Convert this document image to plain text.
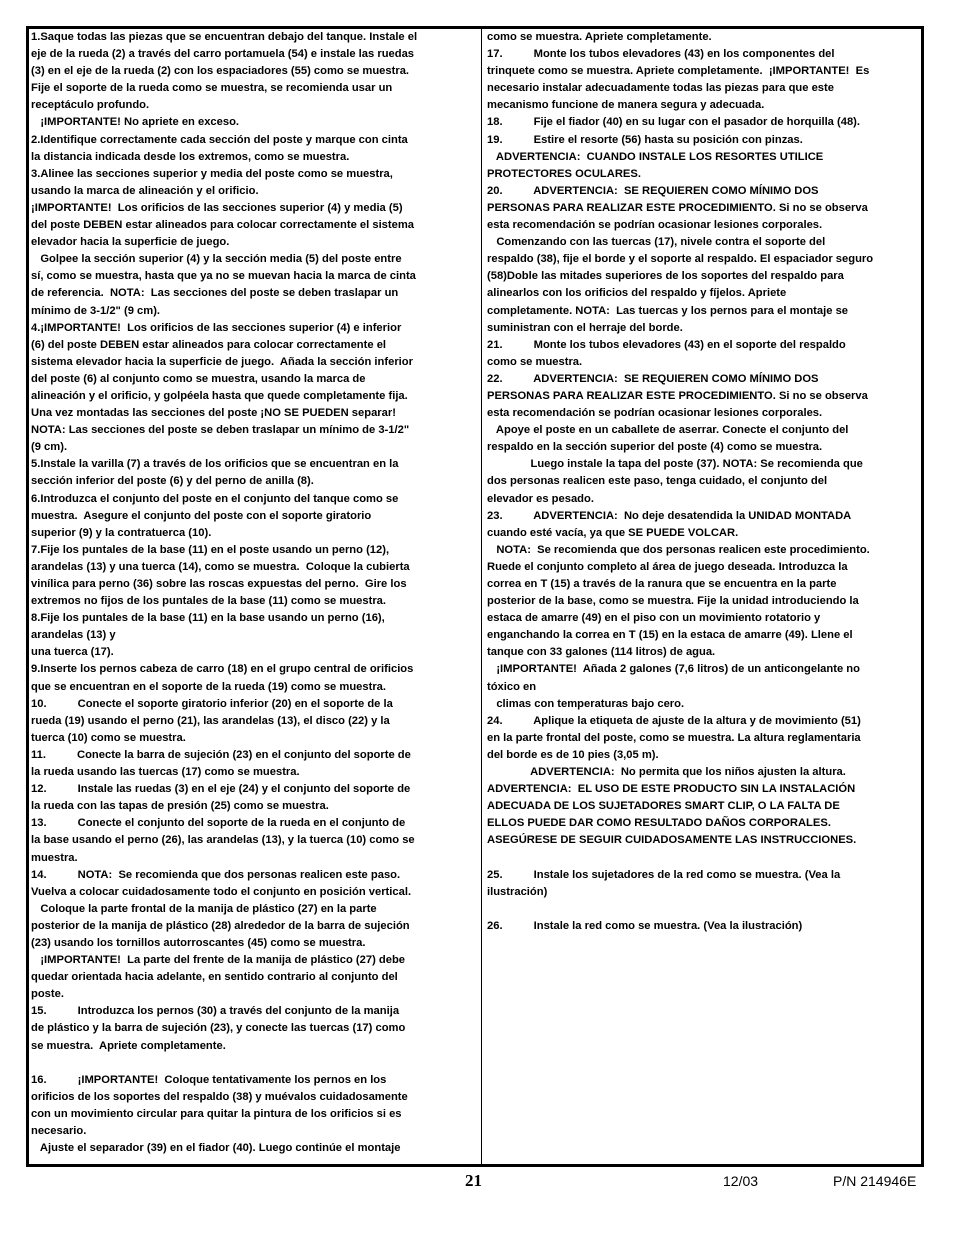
1.Saque todas las piezas que se encuentran debajo del tanque. Instale el
eje de la rueda (2) a través del carro portamuela (54) e instale las ruedas
(3) en el eje de la rueda (2) con los espaciadores (55) como se muestra.
Fije el soporte de la rueda como se muestra, se recomienda usar un
receptáculo profundo.
¡IMPORTANTE! No apriete en exceso.
2.Identifique correctamente cada sección del poste y marque con cinta
la distancia indicada desde los extremos, como se muestra.
3.Alinee las secciones superior y media del poste como se muestra,
usando la marca de alineación y el orificio.
¡IMPORTANTE!  Los orificios de las secciones superior (4) y media (5)
del poste DEBEN estar alineados para colocar correctamente el sistema
elevador hacia la superficie de juego.
Golpee la sección superior (4) y la sección media (5) del poste entre
sí, como se muestra, hasta que ya no se muevan hacia la marca de cinta
de referencia.  NOTA:  Las secciones del poste se deben traslapar un
mínimo de 3-1/2" (9 cm).
4.¡IMPORTANTE!  Los orificios de las secciones superior (4) e inferior
(6) del poste DEBEN estar alineados para colocar correctamente el
sistema elevador hacia la superficie de juego.  Añada la sección inferior
del poste (6) al conjunto como se muestra, usando la marca de
alineación y el orificio, y golpéela hasta que quede completamente fija.
Una vez montadas las secciones del poste ¡NO SE PUEDEN separar!
NOTA: Las secciones del poste se deben traslapar un mínimo de 3-1/2"
(9 cm).
5.Instale la varilla (7) a través de los orificios que se encuentran en la
sección inferior del poste (6) y del perno de anilla (8).
6.Introduzca el conjunto del poste en el conjunto del tanque como se
muestra.  Asegure el conjunto del poste con el soporte giratorio
superior (9) y la contratuerca (10).
7.Fije los puntales de la base (11) en el poste usando un perno (12),
arandelas (13) y una tuerca (14), como se muestra.  Coloque la cubierta
vinílica para perno (36) sobre las roscas expuestas del perno.  Gire los
extremos no fijos de los puntales de la base (11) como se muestra.
8.Fije los puntales de la base (11) en la base usando un perno (16),
arandelas (13) y
una tuerca (17).
9.Inserte los pernos cabeza de carro (18) en el grupo central de orificios
que se encuentran en el soporte de la rueda (19) como se muestra.
10.          Conecte el soporte giratorio inferior (20) en el soporte de la
rueda (19) usando el perno (21), las arandelas (13), el disco (22) y la
tuerca (10) como se muestra.
11.          Conecte la barra de sujeción (23) en el conjunto del soporte de
la rueda usando las tuercas (17) como se muestra.
12.          Instale las ruedas (3) en el eje (24) y el conjunto del soporte de
la rueda con las tapas de presión (25) como se muestra.
13.          Conecte el conjunto del soporte de la rueda en el conjunto de
la base usando el perno (26), las arandelas (13), y la tuerca (10) como se
muestra.
14.          NOTA:  Se recomienda que dos personas realicen este paso.
Vuelva a colocar cuidadosamente todo el conjunto en posición vertical.
Coloque la parte frontal de la manija de plástico (27) en la parte
posterior de la manija de plástico (28) alrededor de la barra de sujeción
(23) usando los tornillos autorroscantes (45) como se muestra.
¡IMPORTANTE!  La parte del frente de la manija de plástico (27) debe
quedar orientada hacia adelante, en sentido contrario al conjunto del
poste.
15.          Introduzca los pernos (30) a través del conjunto de la manija
de plástico y la barra de sujeción (23), y conecte las tuercas (17) como
se muestra.  Apriete completamente.
16.          ¡IMPORTANTE!  Coloque tentativamente los pernos en los
orificios de los soportes del respaldo (38) y muévalos cuidadosamente
con un movimiento circular para quitar la pintura de los orificios si es
necesario.
Ajuste el separador (39) en el fiador (40). Luego continúe el montaje
como se muestra. Apriete completamente.
17.          Monte los tubos elevadores (43) en los componentes del
trinquete como se muestra. Apriete completamente.  ¡IMPORTANTE!  Es
necesario instalar adecuadamente todas las piezas para que este
mecanismo funcione de manera segura y adecuada.
18.          Fije el fiador (40) en su lugar con el pasador de horquilla (48).
19.          Estire el resorte (56) hasta su posición con pinzas.
ADVERTENCIA:  CUANDO INSTALE LOS RESORTES UTILICE
PROTECTORES OCULARES.
20.          ADVERTENCIA:  SE REQUIEREN COMO MÍNIMO DOS
PERSONAS PARA REALIZAR ESTE PROCEDIMIENTO. Si no se observa
esta recomendación se podrían ocasionar lesiones corporales.
Comenzando con las tuercas (17), nivele contra el soporte del
respaldo (38), fije el borde y el soporte al respaldo. El espaciador seguro
(58)Doble las mitades superiores de los soportes del respaldo para
alinearlos con los orificios del respaldo y fíjelos. Apriete
completamente. NOTA:  Las tuercas y los pernos para el montaje se
suministran con el herraje del borde.
21.          Monte los tubos elevadores (43) en el soporte del respaldo
como se muestra.
22.          ADVERTENCIA:  SE REQUIEREN COMO MÍNIMO DOS
PERSONAS PARA REALIZAR ESTE PROCEDIMIENTO. Si no se observa
esta recomendación se podrían ocasionar lesiones corporales.
Apoye el poste en un caballete de aserrar. Conecte el conjunto del
respaldo en la sección superior del poste (4) como se muestra.
Luego instale la tapa del poste (37). NOTA: Se recomienda que
dos personas realicen este paso, tenga cuidado, el conjunto del
elevador es pesado.
23.          ADVERTENCIA:  No deje desatendida la UNIDAD MONTADA
cuando esté vacía, ya que SE PUEDE VOLCAR.
NOTA:  Se recomienda que dos personas realicen este procedimiento.
Ruede el conjunto completo al área de juego deseada. Introduzca la
correa en T (15) a través de la ranura que se encuentra en la parte
posterior de la base, como se muestra. Fije la unidad introduciendo la
estaca de amarre (49) en el piso con un movimiento rotatorio y
enganchando la correa en T (15) en la estaca de amarre (49). Llene el
tanque con 33 galones (114 litros) de agua.
¡IMPORTANTE!  Añada 2 galones (7,6 litros) de un anticongelante no
tóxico en
climas con temperaturas bajo cero.
24.          Aplique la etiqueta de ajuste de la altura y de movimiento (51)
en la parte frontal del poste, como se muestra. La altura reglamentaria
del borde es de 10 pies (3,05 m).
ADVERTENCIA:  No permita que los niños ajusten la altura.
ADVERTENCIA:  EL USO DE ESTE PRODUCTO SIN LA INSTALACIÓN
ADECUADA DE LOS SUJETADORES SMART CLIP, O LA FALTA DE
ELLOS PUEDE DAR COMO RESULTADO DAÑOS CORPORALES.
ASEGÚRESE DE SEGUIR CUIDADOSAMENTE LAS INSTRUCCIONES.
25.          Instale los sujetadores de la red como se muestra. (Vea la
ilustración)
26.          Instale la red como se muestra. (Vea la ilustración)
21	12/03	P/N 214946E
